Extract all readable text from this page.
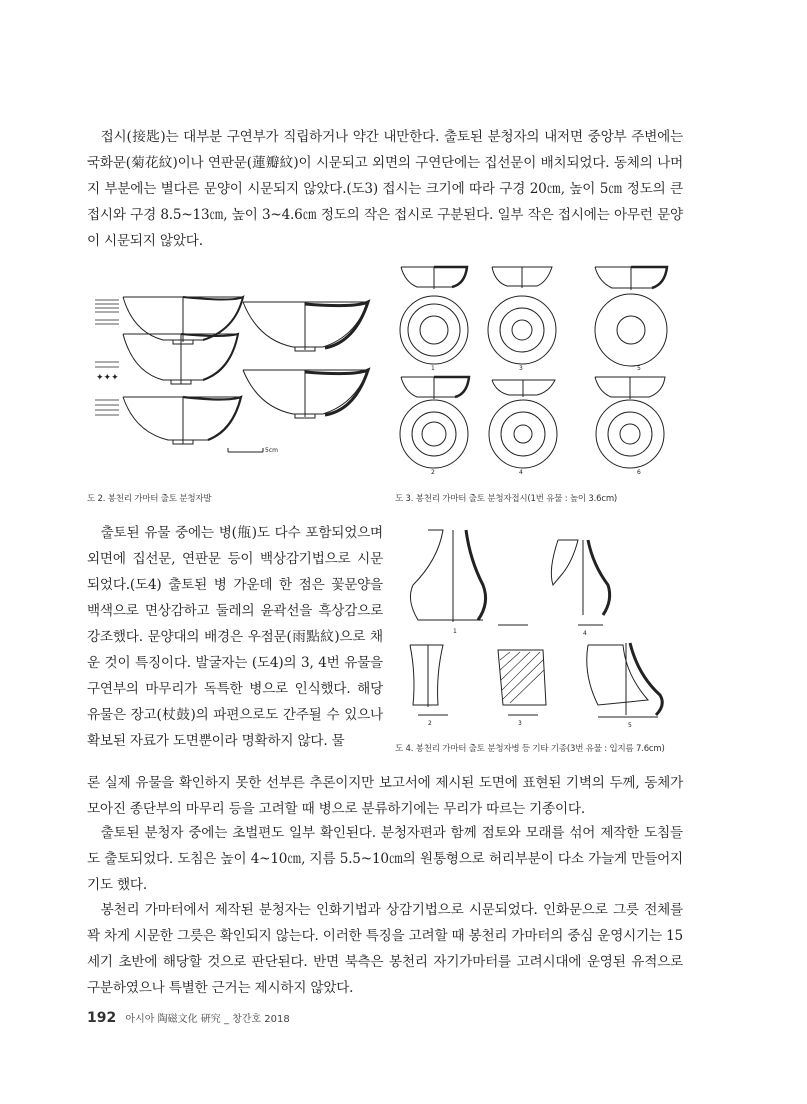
접시(接匙)는 대부분 구연부가 직립하거나 약간 내만한다. 출토된 분청자의 내저면 중앙부 주변에는 국화문(菊花紋)이나 연판문(蓮瓣紋)이 시문되고 외면의 구연단에는 집선문이 배치되었다. 동체의 나머지 부분에는 별다른 문양이 시문되지 않았다.(도3) 접시는 크기에 따라 구경 20㎝, 높이 5㎝ 정도의 큰 접시와 구경 8.5~13㎝, 높이 3~4.6㎝ 정도의 작은 접시로 구분된다. 일부 작은 접시에는 아무런 문양이 시문되지 않았다.

✦✦✦
5cm
1	3	5
2	4	6
도 2. 봉천리 가마터 출토 분청자발	도 3. 봉천리 가마터 출토 분청자접시(1번 유물 : 높이 3.6cm)

출토된 유물 중에는 병(甁)도 다수 포함되었으며 외면에 집선문, 연판문 등이 백상감기법으로 시문되었다.(도4) 출토된 병 가운데 한 점은 꽃문양을 백색으로 면상감하고 둘레의 윤곽선을 흑상감으로 강조했다. 문양대의 배경은 우점문(雨點紋)으로 채운 것이 특징이다. 발굴자는 (도4)의 3, 4번 유물을 구연부의 마무리가 독특한 병으로 인식했다. 해당유물은 장고(杖鼓)의 파편으로도 간주될 수 있으나 확보된 자료가 도면뿐이라 명확하지 않다. 물

1	4
2	3	5
도 4. 봉천리 가마터 출토 분청자병 등 기타 기종(3번 유물 : 입지름 7.6cm)

론 실제 유물을 확인하지 못한 선부른 추론이지만 보고서에 제시된 도면에 표현된 기벽의 두께, 동체가 모아진 종단부의 마무리 등을 고려할 때 병으로 분류하기에는 무리가 따르는 기종이다.

출토된 분청자 중에는 초벌편도 일부 확인된다. 분청자편과 함께 점토와 모래를 섞어 제작한 도침들도 출토되었다. 도침은 높이 4~10㎝, 지름 5.5~10㎝의 원통형으로 허리부분이 다소 가늘게 만들어지기도 했다.

봉천리 가마터에서 제작된 분청자는 인화기법과 상감기법으로 시문되었다. 인화문으로 그릇 전체를 꽉 차게 시문한 그릇은 확인되지 않는다. 이러한 특징을 고려할 때 봉천리 가마터의 중심 운영시기는 15세기 초반에 해당할 것으로 판단된다. 반면 북측은 봉천리 자기가마터를 고려시대에 운영된 유적으로 구분하였으나 특별한 근거는 제시하지 않았다.

192 아시아 陶磁文化 硏究 _ 창간호 2018
